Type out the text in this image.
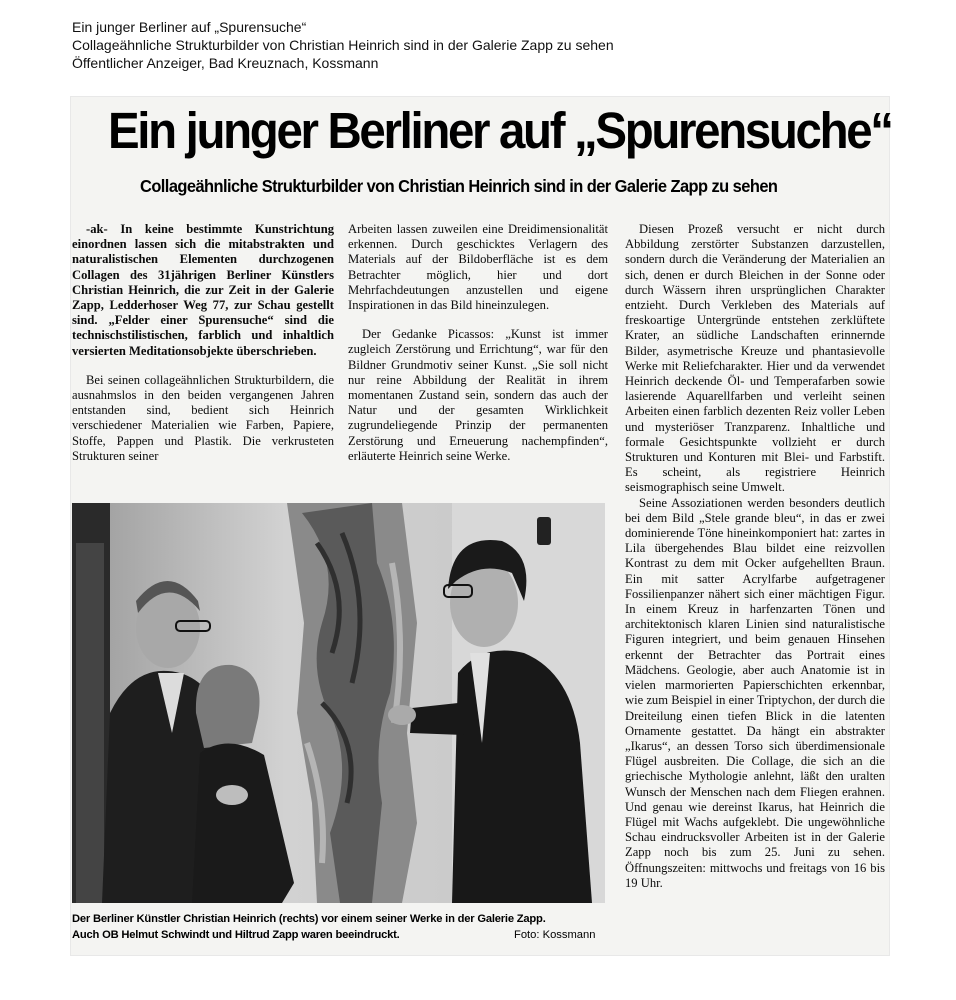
Ein junger Berliner auf „Spurensuche“
Collageähnliche Strukturbilder von Christian Heinrich sind in der Galerie Zapp zu sehen
Öffentlicher Anzeiger, Bad Kreuznach, Kossmann
Ein junger Berliner auf „Spurensuche“
Collageähnliche Strukturbilder von Christian Heinrich sind in der Galerie Zapp zu sehen

-ak- In keine bestimmte Kunstrichtung einordnen lassen sich die mitabstrakten und naturalistischen Elementen durchzogenen Collagen des 31jährigen Berliner Künstlers Christian Heinrich, die zur Zeit in der Galerie Zapp, Ledderhoser Weg 77, zur Schau gestellt sind. „Felder einer Spurensuche“ sind die technischstilistischen, farblich und inhaltlich versierten Meditationsobjekte überschrieben.

Bei seinen collageähnlichen Strukturbildern, die ausnahmslos in den beiden vergangenen Jahren entstanden sind, bedient sich Heinrich verschiedener Materialien wie Farben, Papiere, Stoffe, Pappen und Plastik. Die verkrusteten Strukturen seiner

Arbeiten lassen zuweilen eine Dreidimensionalität erkennen. Durch geschicktes Verlagern des Materials auf der Bildoberfläche ist es dem Betrachter möglich, hier und dort Mehrfachdeutungen anzustellen und eigene Inspirationen in das Bild hineinzulegen.

Der Gedanke Picassos: „Kunst ist immer zugleich Zerstörung und Errichtung“, war für den Bildner Grundmotiv seiner Kunst. „Sie soll nicht nur reine Abbildung der Realität in ihrem momentanen Zustand sein, sondern das auch der Natur und der gesamten Wirklichkeit zugrundeliegende Prinzip der permanenten Zerstörung und Erneuerung nachempfinden“, erläuterte Heinrich seine Werke.

Diesen Prozeß versucht er nicht durch Abbildung zerstörter Substanzen darzustellen, sondern durch die Veränderung der Materialien an sich, denen er durch Bleichen in der Sonne oder durch Wässern ihren ursprünglichen Charakter entzieht. Durch Verkleben des Materials auf freskoartige Untergründe entstehen zerklüftete Krater, an südliche Landschaften erinnernde Bilder, asymetrische Kreuze und phantasievolle Werke mit Reliefcharakter. Hier und da verwendet Heinrich deckende Öl- und Temperafarben sowie lasierende Aquarellfarben und verleiht seinen Arbeiten einen farblich dezenten Reiz voller Leben und mysteriöser Tranzparenz. Inhaltliche und formale Gesichtspunkte vollzieht er durch Strukturen und Konturen mit Blei- und Farbstift. Es scheint, als registriere Heinrich seismographisch seine Umwelt.

Seine Assoziationen werden besonders deutlich bei dem Bild „Stele grande bleu“, in das er zwei dominierende Töne hineinkomponiert hat: zartes in Lila übergehendes Blau bildet eine reizvollen Kontrast zu dem mit Ocker aufgehellten Braun. Ein mit satter Acrylfarbe aufgetragener Fossilienpanzer nähert sich einer mächtigen Figur. In einem Kreuz in harfenzarten Tönen und architektonisch klaren Linien sind naturalistische Figuren integriert, und beim genauen Hinsehen erkennt der Betrachter das Portrait eines Mädchens. Geologie, aber auch Anatomie ist in vielen marmorierten Papierschichten erkennbar, wie zum Beispiel in einer Triptychon, der durch die Dreiteilung einen tiefen Blick in die latenten Ornamente gestattet. Da hängt ein abstrakter „Ikarus“, an dessen Torso sich überdimensionale Flügel ausbreiten. Die Collage, die sich an die griechische Mythologie anlehnt, läßt den uralten Wunsch der Menschen nach dem Fliegen erahnen. Und genau wie dereinst Ikarus, hat Heinrich die Flügel mit Wachs aufgeklebt. Die ungewöhnliche Schau eindrucksvoller Arbeiten ist in der Galerie Zapp noch bis zum 25. Juni zu sehen. Öffnungszeiten: mittwochs und freitags von 16 bis 19 Uhr.

Der Berliner Künstler Christian Heinrich (rechts) vor einem seiner Werke in der Galerie Zapp.
Auch OB Helmut Schwindt und Hiltrud Zapp waren beeindruckt.	Foto: Kossmann
